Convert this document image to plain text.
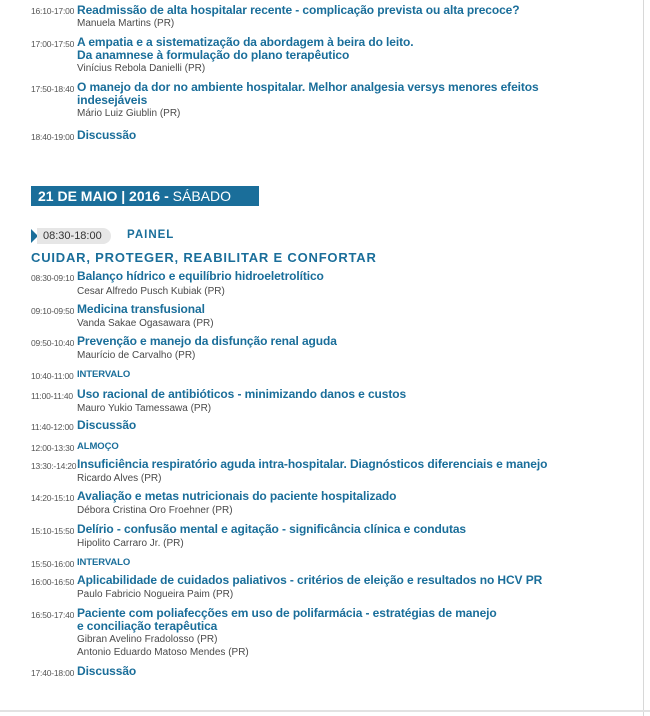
16:10-17:00 Readmissão de alta hospitalar recente - complicação prevista ou alta precoce?
Manuela Martins (PR)
17:00-17:50 A empatia e a sistematização da abordagem à beira do leito.
Da anamnese à formulação do plano terapêutico
Vinícius Rebola Danielli (PR)
17:50-18:40 O manejo da dor no ambiente hospitalar. Melhor analgesia versys menores efeitos
indesejáveis
Mário Luiz Giublin (PR)
18:40-19:00 Discussão
21 DE MAIO | 2016 - SÁBADO
08:30-18:00	PAINEL
CUIDAR, PROTEGER, REABILITAR E CONFORTAR
08:30-09:10 Balanço hídrico e equilíbrio hidroeletrolítico
Cesar Alfredo Pusch Kubiak (PR)
09:10-09:50 Medicina transfusional
Vanda Sakae Ogasawara (PR)
09:50-10:40 Prevenção e manejo da disfunção renal aguda
Maurício de Carvalho (PR)
10:40-11:00 INTERVALO
11:00-11:40 Uso racional de antibióticos - minimizando danos e custos
Mauro Yukio Tamessawa (PR)
11:40-12:00 Discussão
12:00-13:30 ALMOÇO
13:30:-14:20 Insuficiência respiratório aguda intra-hospitalar. Diagnósticos diferenciais e manejo
Ricardo Alves (PR)
14:20-15:10 Avaliação e metas nutricionais do paciente hospitalizado
Débora Cristina Oro Froehner (PR)
15:10-15:50 Delírio - confusão mental e agitação - significância clínica e condutas
Hipolito Carraro Jr. (PR)
15:50-16:00 INTERVALO
16:00-16:50 Aplicabilidade de cuidados paliativos - critérios de eleição e resultados no HCV PR
Paulo Fabricio Nogueira Paim (PR)
16:50-17:40 Paciente com poliafecções em uso de polifarmácia - estratégias de manejo
e conciliação terapêutica
Gibran Avelino Fradolosso (PR)
Antonio Eduardo Matoso Mendes (PR)
17:40-18:00 Discussão
